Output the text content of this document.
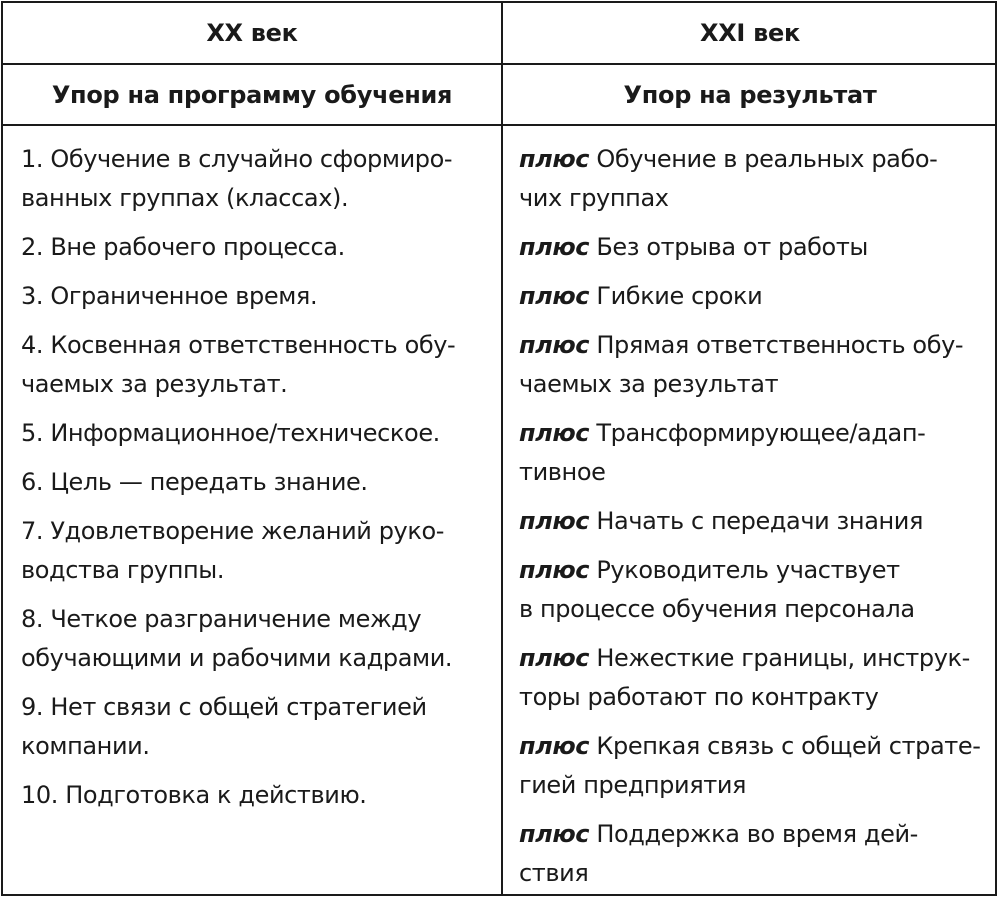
XX век	XXI век
Упор на программу обучения	Упор на результат
1. Обучение в случайно сформиро-
ванных группах (классах).
2. Вне рабочего процесса.
3. Ограниченное время.
4. Косвенная ответственность обу-
чаемых за результат.
5. Информационное/техническое.
6. Цель — передать знание.
7. Удовлетворение желаний руко-
водства группы.
8. Четкое разграничение между
обучающими и рабочими кадрами.
9. Нет связи с общей стратегией
компании.
10. Подготовка к действию.
плюс Обучение в реальных рабо-
чих группах
плюс Без отрыва от работы
плюс Гибкие сроки
плюс Прямая ответственность обу-
чаемых за результат
плюс Трансформирующее/адап-
тивное
плюс Начать с передачи знания
плюс Руководитель участвует
в процессе обучения персонала
плюс Нежесткие границы, инструк-
торы работают по контракту
плюс Крепкая связь с общей страте-
гией предприятия
плюс Поддержка во время дей-
ствия
